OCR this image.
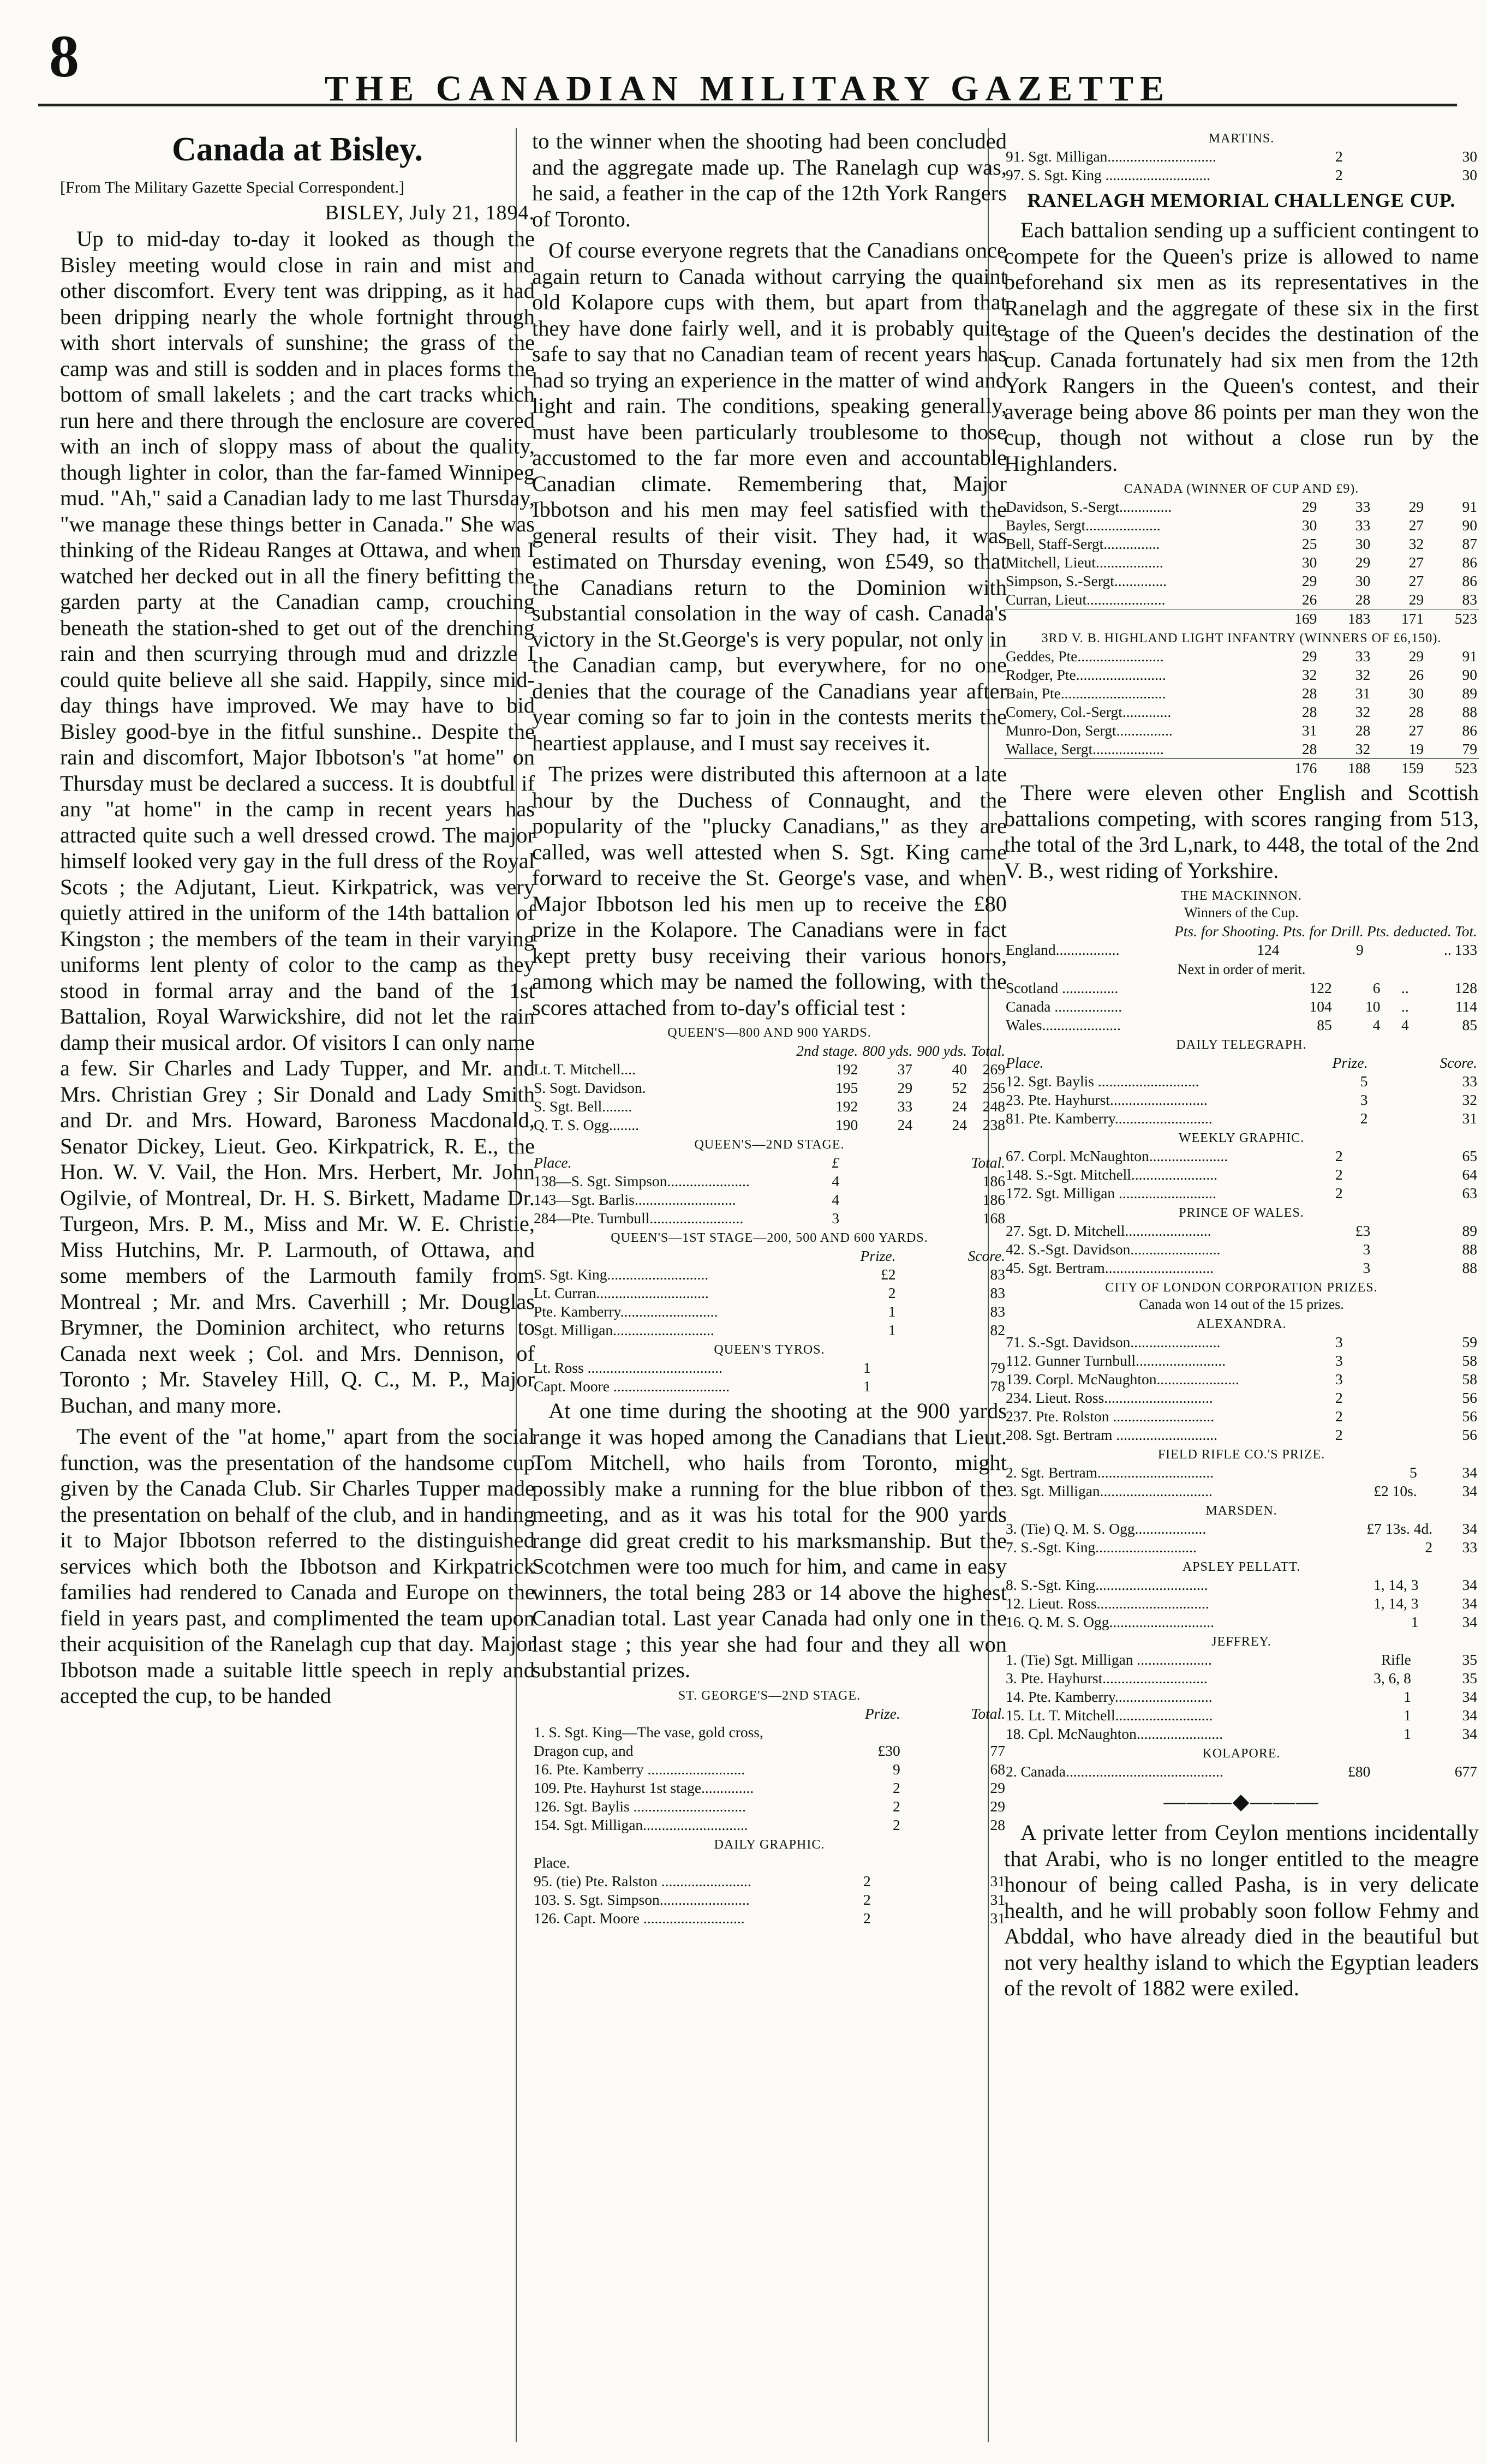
8	THE CANADIAN MILITARY GAZETTE
Canada at Bisley.
[From The Military Gazette Special Correspondent.]
BISLEY, July 21, 1894.

Up to mid-day to-day it looked as though the Bisley meeting would close in rain and mist and other discomfort. Every tent was dripping, as it had been dripping nearly the whole fortnight through with short intervals of sunshine; the grass of the camp was and still is sodden and in places forms the bottom of small lakelets ; and the cart tracks which run here and there through the enclosure are covered with an inch of sloppy mass of about the quality, though lighter in color, than the far-famed Winnipeg mud. "Ah," said a Canadian lady to me last Thursday, "we manage these things better in Canada." She was thinking of the Rideau Ranges at Ottawa, and when I watched her decked out in all the finery befitting the garden party at the Canadian camp, crouching beneath the station-shed to get out of the drenching rain and then scurrying through mud and drizzle I could quite believe all she said. Happily, since mid-day things have improved. We may have to bid Bisley good-bye in the fitful sunshine.. Despite the rain and discomfort, Major Ibbotson's "at home" on Thursday must be declared a success. It is doubtful if any "at home" in the camp in recent years has attracted quite such a well dressed crowd. The major himself looked very gay in the full dress of the Royal Scots ; the Adjutant, Lieut. Kirkpatrick, was very quietly attired in the uniform of the 14th battalion of Kingston ; the members of the team in their varying uniforms lent plenty of color to the camp as they stood in formal array and the band of the 1st Battalion, Royal Warwickshire, did not let the rain damp their musical ardor. Of visitors I can only name a few. Sir Charles and Lady Tupper, and Mr. and Mrs. Christian Grey ; Sir Donald and Lady Smith and Dr. and Mrs. Howard, Baroness Macdonald, Senator Dickey, Lieut. Geo. Kirkpatrick, R. E., the Hon. W. V. Vail, the Hon. Mrs. Herbert, Mr. John Ogilvie, of Montreal, Dr. H. S. Birkett, Madame Dr. Turgeon, Mrs. P. M., Miss and Mr. W. E. Christie, Miss Hutchins, Mr. P. Larmouth, of Ottawa, and some members of the Larmouth family from Montreal ; Mr. and Mrs. Caverhill ; Mr. Douglas Brymner, the Dominion architect, who returns to Canada next week ; Col. and Mrs. Dennison, of Toronto ; Mr. Staveley Hill, Q. C., M. P., Major Buchan, and many more.

The event of the "at home," apart from the social function, was the presentation of the handsome cup given by the Canada Club. Sir Charles Tupper made the presentation on behalf of the club, and in handing it to Major Ibbotson referred to the distinguished services which both the Ibbotson and Kirkpatrick families had rendered to Canada and Europe on the field in years past, and complimented the team upon their acquisition of the Ranelagh cup that day. Major Ibbotson made a suitable little speech in reply and accepted the cup, to be handed

to the winner when the shooting had been concluded and the aggregate made up. The Ranelagh cup was, he said, a feather in the cap of the 12th York Rangers of Toronto.

Of course everyone regrets that the Canadians once again return to Canada without carrying the quaint old Kolapore cups with them, but apart from that they have done fairly well, and it is probably quite safe to say that no Canadian team of recent years has had so trying an experience in the matter of wind and light and rain. The conditions, speaking generally, must have been particularly troublesome to those accustomed to the far more even and accountable Canadian climate. Remembering that, Major Ibbotson and his men may feel satisfied with the general results of their visit. They had, it was estimated on Thursday evening, won £549, so that the Canadians return to the Dominion with substantial consolation in the way of cash. Canada's victory in the St.George's is very popular, not only in the Canadian camp, but everywhere, for no one denies that the courage of the Canadians year after year coming so far to join in the contests merits the heartiest applause, and I must say receives it.

The prizes were distributed this afternoon at a late hour by the Duchess of Connaught, and the popularity of the "plucky Canadians," as they are called, was well attested when S. Sgt. King came forward to receive the St. George's vase, and when Major Ibbotson led his men up to receive the £80 prize in the Kolapore. The Canadians were in fact kept pretty busy receiving their various honors, among which may be named the following, with the scores attached from to-day's official test :

QUEEN'S—800 AND 900 YARDS.
	2nd stage.	800 yds.	900 yds.	Total.
Lt. T. Mitchell....	192	37	40	269
S. Sogt. Davidson.	195	29	52	256
S. Sgt. Bell........	192	33	24	248
Q. T. S. Ogg........	190	24	24	238
QUEEN'S—2ND STAGE.
Place.	£	Total.
138—S. Sgt. Simpson......................	4	186
143—Sgt. Barlis...........................	4	186
284—Pte. Turnbull.........................	3	168
QUEEN'S—1ST STAGE—200, 500 AND 600 YARDS.
	Prize.	Score.
S. Sgt. King...........................	£2	83
Lt. Curran..............................	2	83
Pte. Kamberry..........................	1	83
Sgt. Milligan...........................	1	82
QUEEN'S TYROS.
Lt. Ross ....................................	1	79
Capt. Moore ...............................	1	78

At one time during the shooting at the 900 yards range it was hoped among the Canadians that Lieut. Tom Mitchell, who hails from Toronto, might possibly make a running for the blue ribbon of the meeting, and as it was his total for the 900 yards range did great credit to his marksmanship. But the Scotchmen were too much for him, and came in easy winners, the total being 283 or 14 above the highest Canadian total. Last year Canada had only one in the last stage ; this year she had four and they all won substantial prizes.

ST. GEORGE'S—2ND STAGE.
	Prize.	Total.
1. S. Sgt. King—The vase, gold cross,		
Dragon cup, and	£30	77
16. Pte. Kamberry ..........................	9	68
109. Pte. Hayhurst 1st stage..............	2	29
126. Sgt. Baylis ..............................	2	29
154. Sgt. Milligan............................	2	28
DAILY GRAPHIC.
Place.		
95. (tie) Pte. Ralston ........................	2	31
103. S. Sgt. Simpson........................	2	31
126. Capt. Moore ...........................	2	31
MARTINS.
91. Sgt. Milligan.............................	2	30
97. S. Sgt. King ............................	2	30
RANELAGH MEMORIAL CHALLENGE CUP.

Each battalion sending up a sufficient contingent to compete for the Queen's prize is allowed to name beforehand six men as its representatives in the Ranelagh and the aggregate of these six in the first stage of the Queen's decides the destination of the cup. Canada fortunately had six men from the 12th York Rangers in the Queen's contest, and their average being above 86 points per man they won the cup, though not without a close run by the Highlanders.

CANADA (WINNER OF CUP AND £9).
Davidson, S.-Sergt..............	29	33	29	91
Bayles, Sergt....................	30	33	27	90
Bell, Staff-Sergt...............	25	30	32	87
Mitchell, Lieut..................	30	29	27	86
Simpson, S.-Sergt..............	29	30	27	86
Curran, Lieut.....................	26	28	29	83
	169	183	171	523
3RD V. B. HIGHLAND LIGHT INFANTRY (WINNERS OF £6,150).
Geddes, Pte.......................	29	33	29	91
Rodger, Pte........................	32	32	26	90
Bain, Pte............................	28	31	30	89
Comery, Col.-Sergt.............	28	32	28	88
Munro-Don, Sergt...............	31	28	27	86
Wallace, Sergt...................	28	32	19	79
	176	188	159	523

There were eleven other English and Scottish battalions competing, with scores ranging from 513, the total of the 3rd L,nark, to 448, the total of the 2nd V. B., west riding of Yorkshire.

THE MACKINNON.
Winners of the Cup.
	Pts. for Shooting.	Pts. for Drill.	Pts. deducted.	Tot.
England.................	124	9	..	133
Next in order of merit.
Scotland ...............	122	6	..	128
Canada ..................	104	10	..	114
Wales.....................	85	4	4	85
DAILY TELEGRAPH.
Place.	Prize.	Score.
12. Sgt. Baylis ...........................	5	33
23. Pte. Hayhurst..........................	3	32
81. Pte. Kamberry..........................	2	31
WEEKLY GRAPHIC.
67. Corpl. McNaughton.....................	2	65
148. S.-Sgt. Mitchell.......................	2	64
172. Sgt. Milligan ..........................	2	63
PRINCE OF WALES.
27. Sgt. D. Mitchell.......................	£3	89
42. S.-Sgt. Davidson........................	3	88
45. Sgt. Bertram.............................	3	88
CITY OF LONDON CORPORATION PRIZES.
Canada won 14 out of the 15 prizes.
ALEXANDRA.
71. S.-Sgt. Davidson........................	3	59
112. Gunner Turnbull........................	3	58
139. Corpl. McNaughton......................	3	58
234. Lieut. Ross.............................	2	56
237. Pte. Rolston ...........................	2	56
208. Sgt. Bertram ...........................	2	56
FIELD RIFLE CO.'S PRIZE.
2. Sgt. Bertram...............................	5	34
3. Sgt. Milligan..............................	£2 10s.	34
MARSDEN.
3. (Tie) Q. M. S. Ogg...................	£7 13s. 4d.	34
7. S.-Sgt. King...........................	2	33
APSLEY PELLATT.
8. S.-Sgt. King..............................	1, 14, 3	34
12. Lieut. Ross..............................	1, 14, 3	34
16. Q. M. S. Ogg............................	1	34
JEFFREY.
1. (Tie) Sgt. Milligan ....................	Rifle	35
3. Pte. Hayhurst............................	3, 6, 8	35
14. Pte. Kamberry..........................	1	34
15. Lt. T. Mitchell..........................	1	34
18. Cpl. McNaughton.......................	1	34
KOLAPORE.
2. Canada..........................................	£80	677
———◆———

A private letter from Ceylon mentions incidentally that Arabi, who is no longer entitled to the meagre honour of being called Pasha, is in very delicate health, and he will probably soon follow Fehmy and Abddal, who have already died in the beautiful but not very healthy island to which the Egyptian leaders of the revolt of 1882 were exiled.
